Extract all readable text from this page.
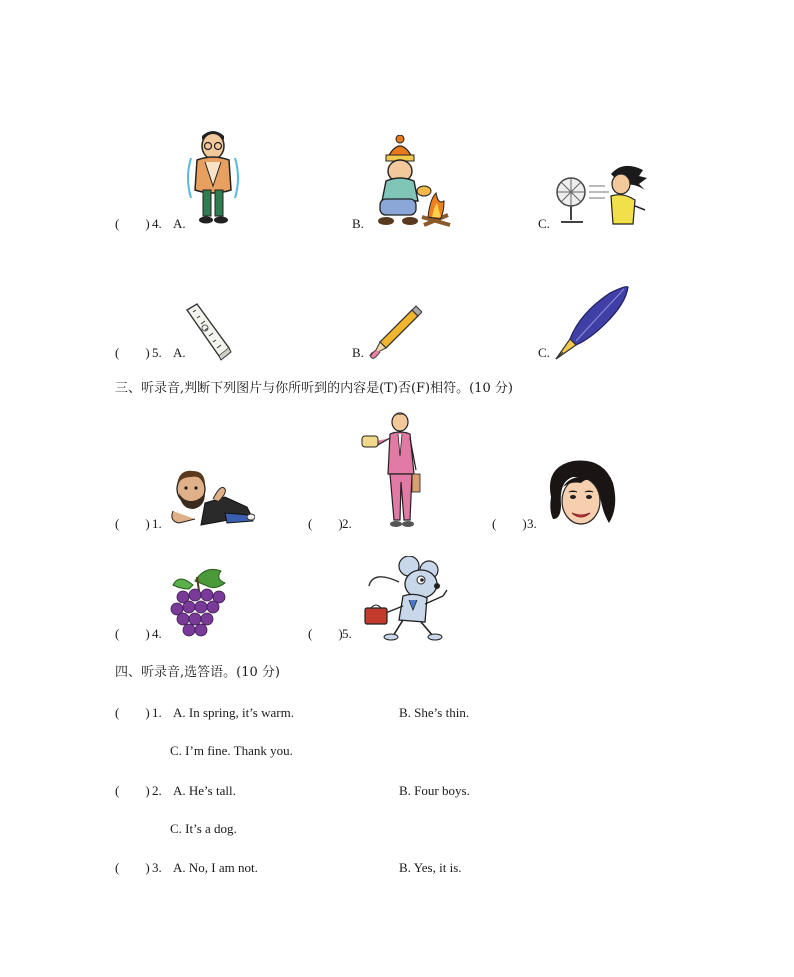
(　　) 4. A.	B.	C.
(　　) 5. A.	B.	C.
三、听录音,判断下列图片与你所听到的内容是(T)否(F)相符。(10 分)
(　　) 1.	(　　) 2.	(　　) 3.
(　　) 4.	(　　) 5.
四、听录音,选答语。(10 分)
(　　) 1. A. In spring, it’s warm.	B. She’s thin.
C. I’m fine. Thank you.
(　　) 2. A. He’s tall.	B. Four boys.
C. It’s a dog.
(　　) 3. A. No, I am not.	B. Yes, it is.
